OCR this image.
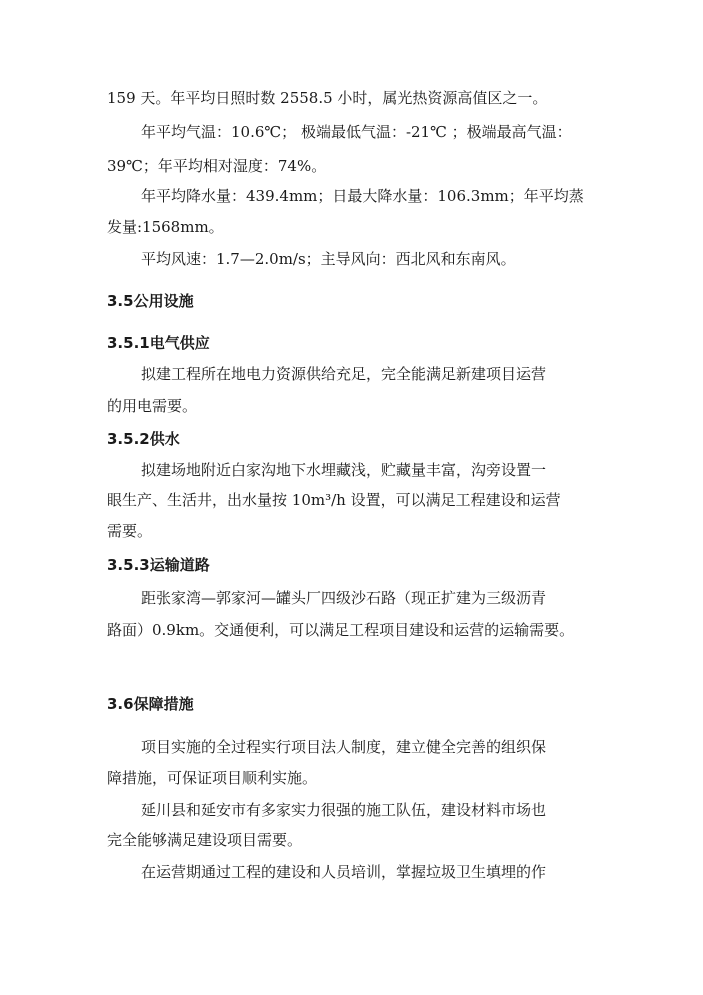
159 天。年平均日照时数 2558.5 小时，属光热资源高值区之一。
年平均气温：10.6℃； 极端最低气温：-21℃ ；极端最高气温：
39℃；年平均相对湿度：74%。
年平均降水量：439.4mm；日最大降水量：106.3mm；年平均蒸
发量:1568mm。
平均风速：1.7—2.0m/s；主导风向：西北风和东南风。
3.5公用设施
3.5.1电气供应
拟建工程所在地电力资源供给充足，完全能满足新建项目运营
的用电需要。
3.5.2供水
拟建场地附近白家沟地下水埋藏浅，贮藏量丰富，沟旁设置一
眼生产、生活井，出水量按 10m³/h 设置，可以满足工程建设和运营
需要。
3.5.3运输道路
距张家湾—郭家河—罐头厂四级沙石路（现正扩建为三级沥青
路面）0.9km。交通便利，可以满足工程项目建设和运营的运输需要。
3.6保障措施
项目实施的全过程实行项目法人制度，建立健全完善的组织保
障措施，可保证项目顺利实施。
延川县和延安市有多家实力很强的施工队伍，建设材料市场也
完全能够满足建设项目需要。
在运营期通过工程的建设和人员培训，掌握垃圾卫生填埋的作
